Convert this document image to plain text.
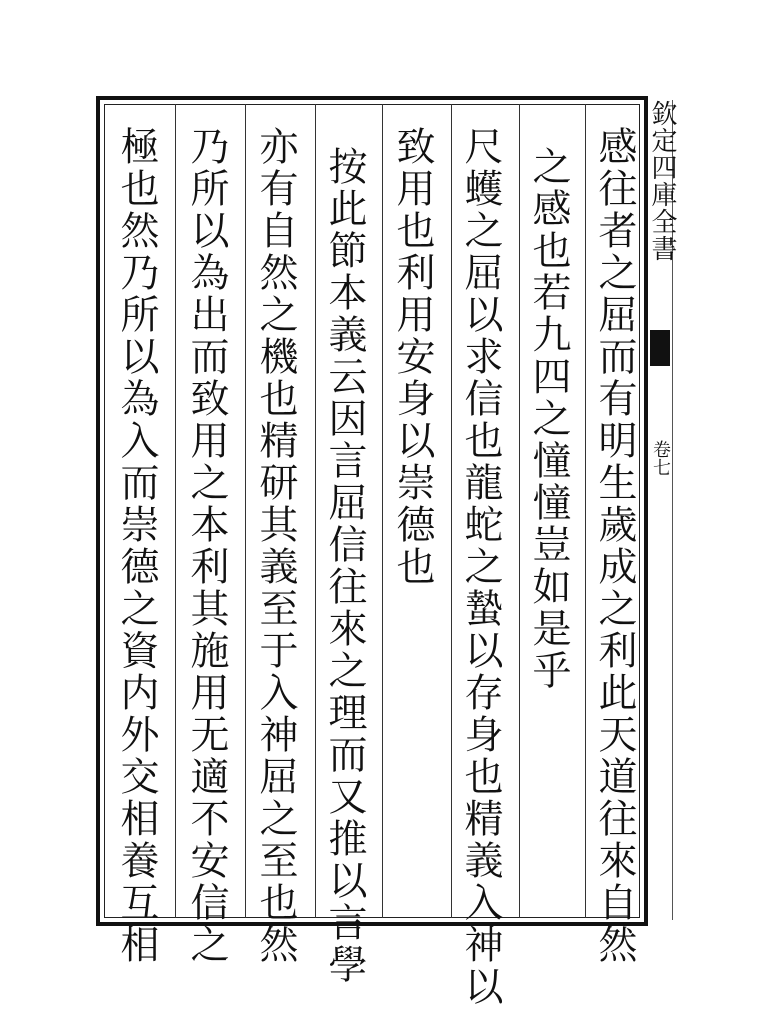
欽定四庫全書
卷七
感往者之屈而有明生歲成之利此天道往來自然
之感也若九四之憧憧豈如是乎
尺蠖之屈以求信也龍蛇之蟄以存身也精義入神以
致用也利用安身以崇德也
按此節本義云因言屈信往來之理而又推以言學
亦有自然之機也精研其義至于入神屈之至也然
乃所以為出而致用之本利其施用无適不安信之
極也然乃所以為入而崇德之資内外交相養互相
